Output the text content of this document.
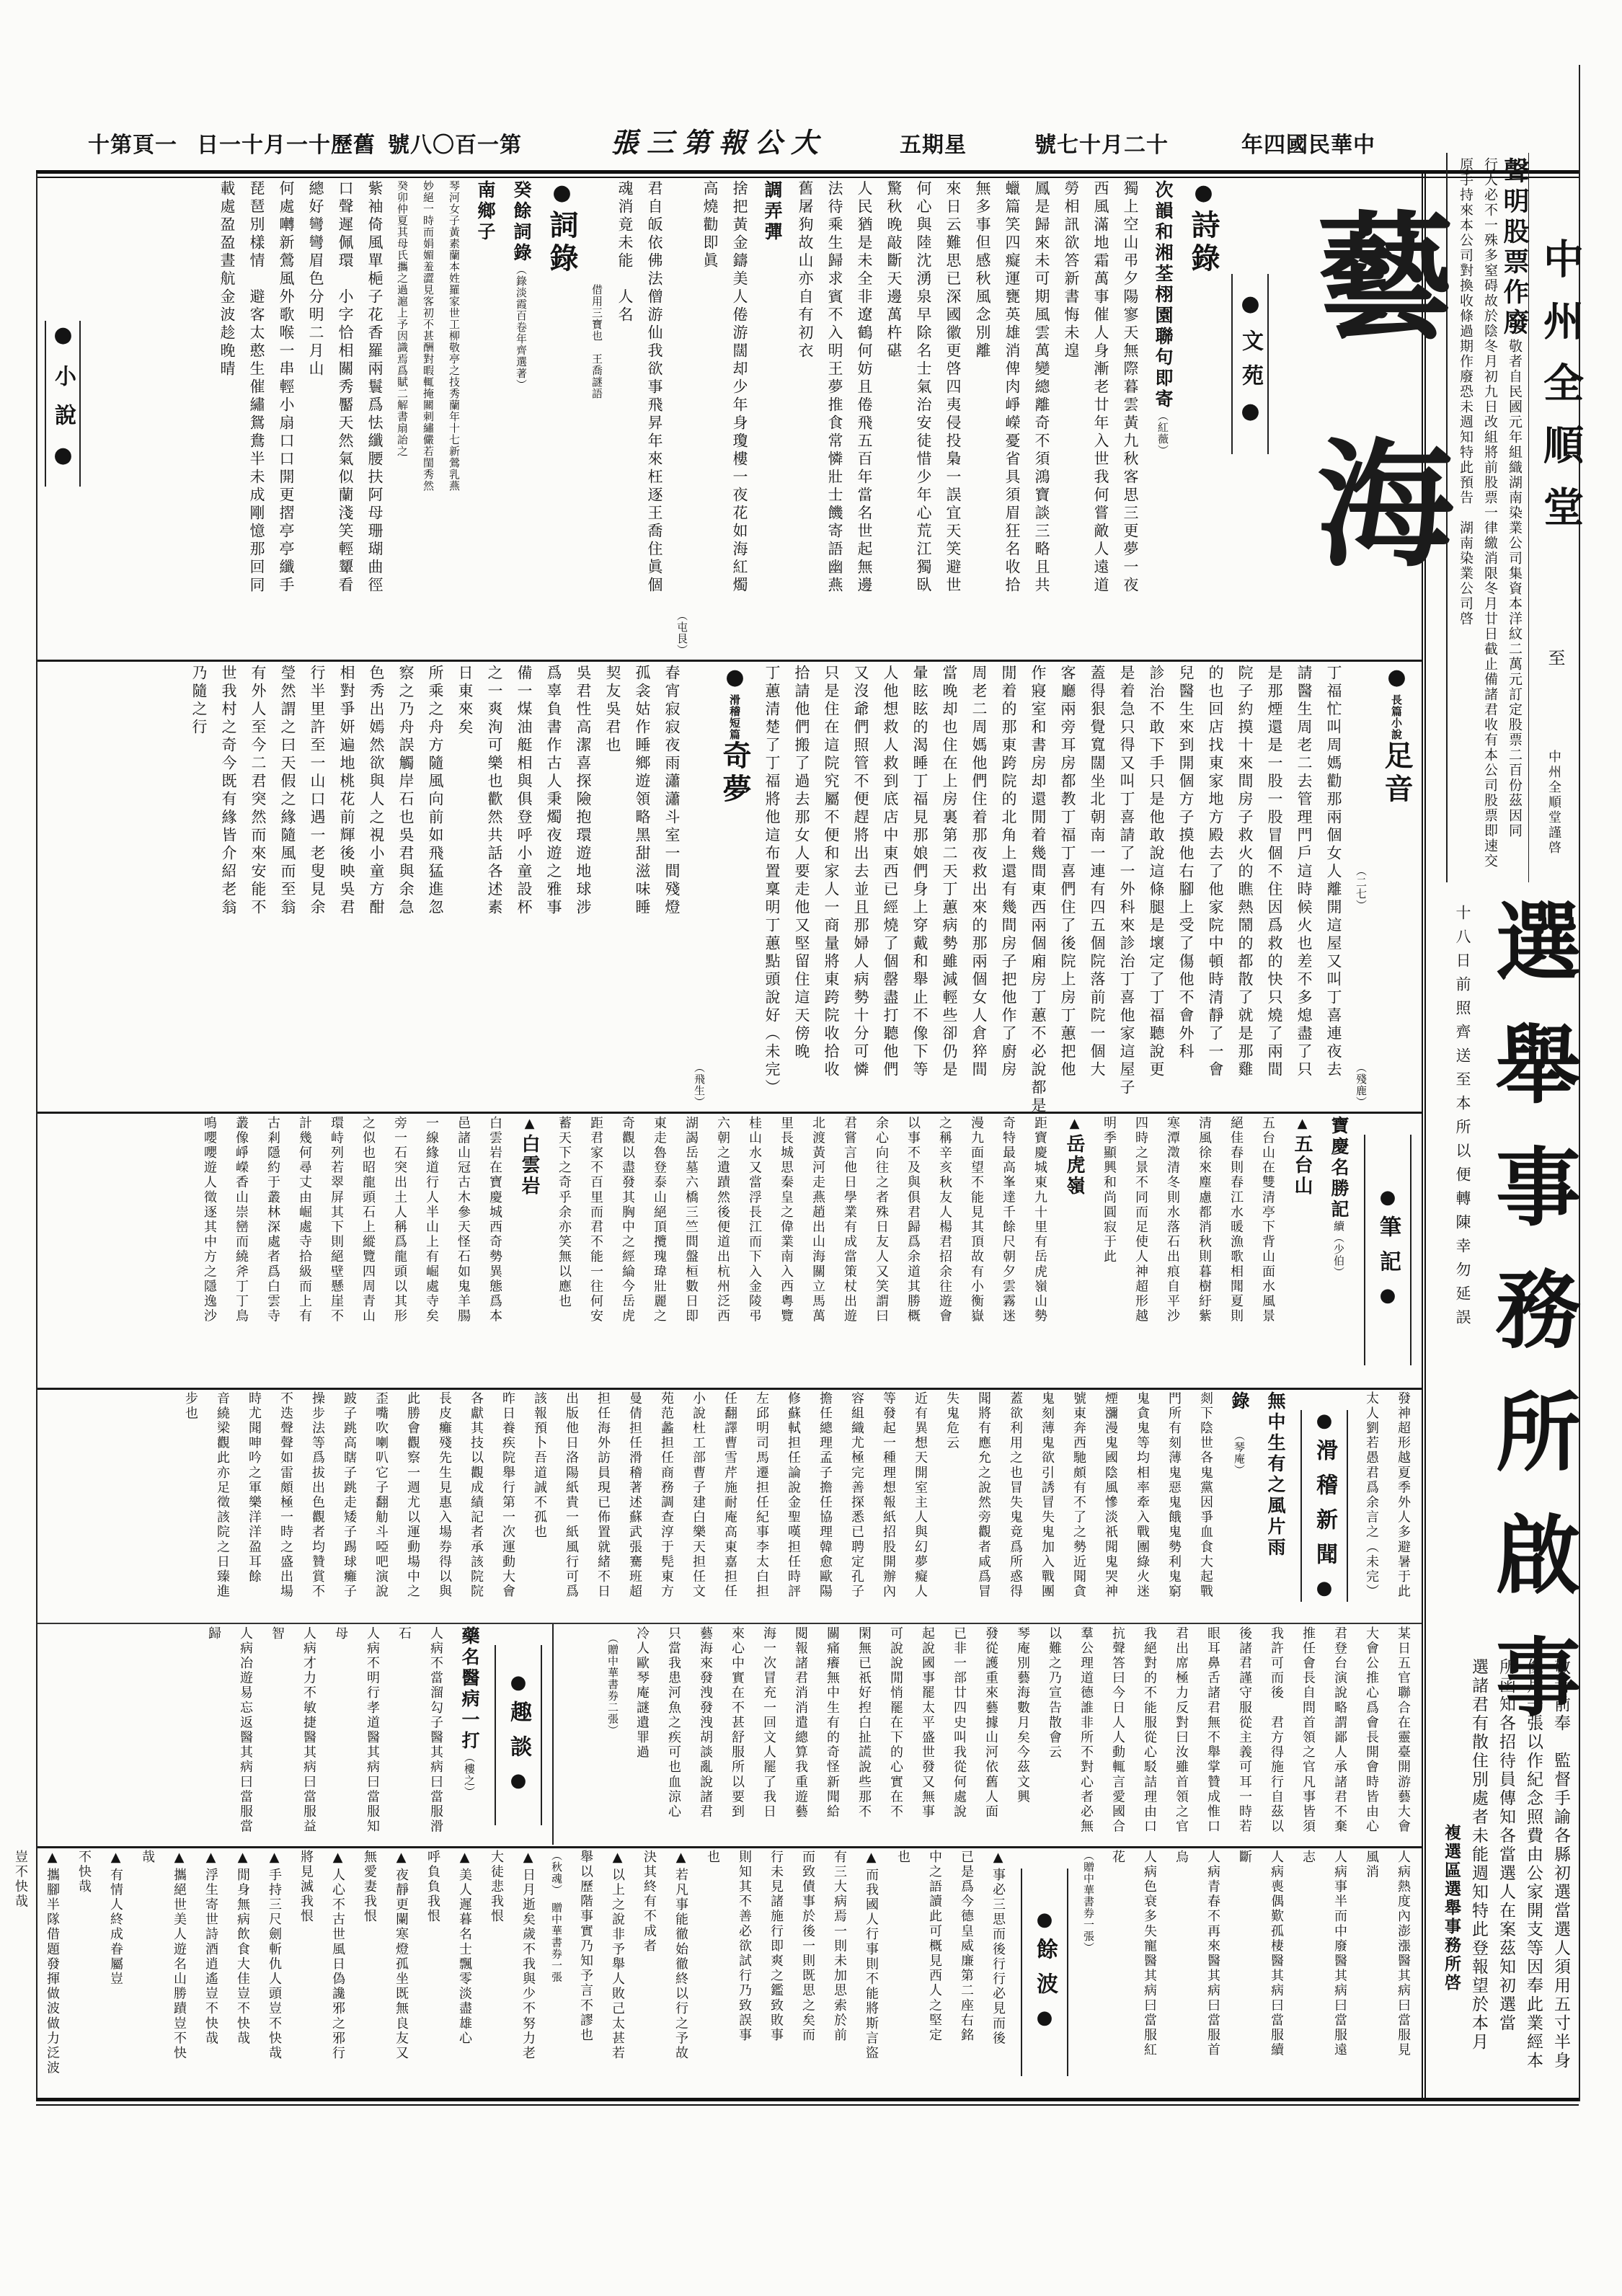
中華民國四年
十二月十七號
星期五
大公報第三張
第一百〇八號
舊歷十一月十一日
一頁第十
聲明股票作廢敬者自民國元年組織湖南染業公司集資本洋紋二萬元訂定股票二百份茲因同
行人必不一殊多窒碍故於陰冬月初九日改組將前股票一律繳消限冬月廿日截止備諸君收有本公司股票即速交
原手持來本公司對換收條過期作廢恐未週知特此預告　湖南染業公司啓 中州全順堂
至
中州全順堂謹啓
選舉事務所啟事
十八日前照齊送至本所以便轉陳幸勿延誤
敬者前奉　監督手諭各縣初選當選人須用五寸半身
像片一張以作紀念照費由公家開支等因奉此業經本
所函知各招待員傳知各當選人在案茲知初選當
選諸君有散住別處者未能週知特此登報望於本月
複選區選舉事務所啓
藝
海
●文苑●
●小說●
●詩錄
次韻和湘荃栩園聯句即寄（紅薇）
獨上空山弔夕陽寥天無際暮雲黃九秋客思三更夢一夜
西風滿地霜萬事催人身漸老廿年入世我何嘗敵人遠道
勞相訊欲答新書悔未遑
鳳是歸來未可期風雲萬變總離奇不須鴻寶談三略且共
蠟篇笑四癡運甕英雄消俾肉崢嶸憂省具須眉狂名收拾
無多事但感秋風念別離
來日云難思已深國徽更啓四夷侵投梟一誤宜天笑避世
何心與陸沈湧泉早除名士氣治安徒惜少年心荒江獨臥
驚秋晚敲斷天邊萬杵碪
人民猶是未全非遼鶴何妨且倦飛五百年當名世起無邊
法待乘生歸求賓不入明王夢推食常憐壯士饑寄語幽燕
舊屠狗故山亦自有初衣
調弄彈
捨把黃金鑄美人倦游闊却少年身瓊樓一夜花如海紅燭
高燒勸即眞
（屯艮）
君自皈依佛法僧游仙我欲事飛昇年來枉逐王喬住眞個
魂消竟未能　人名
　　　　　　　　　借用三寶也　王喬謎語
●詞錄
癸餘詞錄（錄淡霞百卷年齊選著）
南鄉子
琴河女子黃素蘭本姓羅家世工柳敬亭之技秀蘭年十七新鶯乳燕
妙絕一時而娟媚羞澀見客初不甚酬對暇輒掩關刺繡儼若閨秀然
癸卯仲夏其母氏攜之過滬上予因識焉爲賦二解書扇詒之
紫袖倚風單梔子花香羅兩鬟爲怯纖腰扶阿母珊瑚曲徑
口聲遲佩環　小字恰相關秀靨天然氣似蘭淺笑輕顰看
總好彎彎眉色分明二月山
何處囀新鶯風外歌喉一串輕小扇口口開更摺亭亭纖手
琵琶別樣情　避客太憨生催繡鴛鴦半未成剛憶那回同
載處盈盈晝航金波趁晚晴
●長篇小說足音
（二七）　　　　　　　　　　　　　　（殘鹿）
丁福忙叫周媽勸那兩個女人離開這屋又叫丁喜連夜去
請醫生周老二去管理門戶這時候火也差不多熄盡了只
是那煙還是一股一股冒個不住因爲救的快只燒了兩間
院子約摸十來間房子救火的瞧熱鬧的都散了就是那雞
的也回店找東家地方殿去了他家院中頓時清靜了一會
兒醫生來到開個方子摸他右腳上受了傷他不會外科
診治不敢下手只是他敢說這條腿是壞定了丁福聽說更
是着急只得又叫丁喜請了一外科來診治丁喜他家這屋子
蓋得狠覺寬闊坐北朝南一連有四五個院落前院一個大
客廳兩旁耳房都教丁福丁喜們住了後院上房丁蕙把他
作寢室和書房却還閒着幾間東西兩個廂房丁蕙不必說都是
閒着的那東跨院的北角上還有幾間房子把他作了廚房
周老二周媽他們住着那夜救出來的那兩個女人倉猝間
當晚却也住在上房裏第二天丁蕙病勢雖減輕些卻仍是
暈眩眩的渴睡丁福見那娘們身上穿戴和舉止不像下等
人他想救人救到底店中東西已經燒了個罄盡打聽他們
又沒爺們照管不便趕將出去並且那婦人病勢十分可憐
只是住在這院究屬不便和家人一商量將東跨院收拾收
拾請他們搬了過去那女人要走他又堅留住這天傍晚
丁蕙清楚了丁福將他這布置稟明丁蕙點頭說好（未完）
●滑稽短篇奇夢
（飛生）
春宵寂寂夜雨瀟瀟斗室一間殘燈
孤衾姑作睡鄉遊領略黑甜滋味睡
契友吳君也
吳君性高潔喜探險抱環遊地球涉
爲辜負書作古人秉燭夜遊之雅事
備一煤油艇相與俱登呼小童設杯
之一爽洵可樂也歡然共話各述素
日東來矣
所乘之舟方隨風向前如飛猛進忽
察之乃舟誤觸岸石也吳君與余急
色秀出嫣然欲與人之視小童方酣
相對爭妍遍地桃花前輝後映吳君
行半里許至一山口遇一老叟見余
瑩然謂之曰天假之緣隨風而至翁
有外人至今二君突然而來安能不
世我村之奇今既有緣皆介紹老翁
乃隨之行
●筆記●
寶慶名勝記續（少伯）
▲五台山
五台山在雙清亭下背山面水風景
絕佳春則春江水暖漁歌相聞夏則
清風徐來塵慮都消秋則暮樹紆紫
寒潭澂清冬則水落石出痕自平沙
四時之景不同而足使人神超形越
明季顯興和尚圓寂于此
▲岳虎嶺
距寶慶城東九十里有岳虎嶺山勢
奇特最高峯達千餘尺朝夕雲霧迷
漫九面望不能見其頂故有小衡嶽
之稱辛亥秋友人楊君招余往遊會
以事不及與俱君歸爲余道其勝概
余心向往之者殊日友人又笑謂曰
君嘗言他日學業有成當策杖出遊
北渡黃河走燕趙出山海關立馬萬
里長城思秦皇之偉業南入西粵覽
桂山水又當浮長江而下入金陵弔
六朝之遺蹟然後便道出杭州泛西
湖謁岳墓六橋三竺間盤桓數日即
東走魯登泰山絕頂攬瑰瑋壯麗之
奇觀以盡發其胸中之經綸今岳虎
距君家不百里而君不能一往何安
蓄天下之奇乎余亦笑無以應也
▲白雲岩
白雲岩在寶慶城西奇勢異態爲本
邑諸山冠古木參天怪石如鬼羊腸
一線緣道行人半山上有崛處寺矣
旁一石突出土人稱爲龍頭以其形
之似也昭龍頭石上縱覽四周青山
環峙列若翠屏其下則絕壁懸崖不
計幾何尋丈由崛處寺拾級而上有
古剎隱約于叢林深處者爲白雲寺
叢像崢嶸香山崇巒而繞斧丁丁鳥
鳴嚶嚶遊人徵逐其中方之隱逸沙
發神超形越夏季外人多避暑于此
太人劉若愚君爲余言之（未完）
●滑稽新聞●
無中生有之風片雨
錄　　（琴庵）
剡下陰世各鬼黨因爭血食大起戰
門所有刻薄鬼惡鬼餓鬼勢利鬼窮
鬼貪鬼等均相率牽入戰團綠火迷
煙瀰漫鬼國陰風慘淡祇聞鬼哭神
號東奔西馳頗有不了之勢近聞貪
鬼刻薄鬼欲引誘冒失鬼加入戰團
蓋欲利用之也冒失鬼竟爲所惑得
聞將有應允之說然旁觀者咸爲冒
失鬼危云
近有異想天開室主人與幻夢癡人
等發起一種理想報紙招股開辦內
容組織尤極完善探悉已聘定孔子
擔任總理孟子擔任協理韓愈歐陽
修蘇軾担任論說金聖嘆担任時評
左邱明司馬遷担任紀事李太白担
任翻譯曹雪芹施耐庵高東嘉担任
小說杜工部曹子建白樂天担任文
苑范蠡担任商務調查淳于髡東方
曼倩担任滑稽著述蘇武張騫班超
担任海外訪員現已佈置就緒不日
出版他日洛陽紙貴一紙風行可爲
該報預卜吾道誠不孤也
昨日養疾院舉行第一次運動大會
各獻其技以觀成績記者承該院院
長皮癱殘先生見惠入場券得以與
此勝會觀察一週尤以運動場中之
歪嘴吹喇叭它子翻觔斗啞吧演說
跛子跳高瞎子跳走矮子踢球癱子
操步法等爲拔出色觀者均贊賞不
不迭聲聲如雷頗極一時之盛出場
時尤聞呻吟之軍樂洋洋盈耳餘
音繞梁觀此亦足徵該院之日臻進
步也
某日五官聯合在靈臺開游藝大會
大會公推心爲會長開會時皆由心
君登台演說略謂鄙人承諸君不棄
推任會長自問首領之官凡事皆須
我許可而後　君方得施行自茲以
後諸君謹守服從主義可耳一時若
眼耳鼻舌諸君無不舉掌贊成惟口
君出席極力反對曰汝雖首領之官
我絕對的不能服從心駁詰理由口
抗聲答曰今日人人動輒言愛國合
羣公理道德誰非所不對心者必無
以難之乃宣告散會云
琴庵別藝海數月矣今茲文興
發從護重來藝據山河依舊人面
已非一部廿四史叫我從何處說
起說國事罷太平盛世發又無事
可說說閒悄罷在下的心實在不
閑無已祇好揑白扯謊說些那不
關痛癢無中生有的奇怪新聞給
閱報諸君消消遣總算我重遊藝
海一次冒充一回文人罷了我日
來心中實在不甚舒服所以要到
藝海來發洩發洩胡談亂說諸君
只當我患河魚之疾可也血涼心
冷人歐琴庵謎遺罪過
　（贈中華書券二張）
●趣談●
藥名醫病一打（樓之）
人病不當溜勾子醫其病曰當服滑
石
人病不明行孝道醫其病曰當服知
母
人病才力不敏捷醫其病曰當服益
智
人病冶遊易忘返醫其病曰當服當
歸
人病熱度內澎漲醫其病曰當服見
風消
人病事半而中廢醫其病曰當服遠
志
人病喪偶歎孤棲醫其病曰當服續
斷
人病青春不再來醫其病曰當服首
烏
人病色衰多失寵醫其病曰當服紅
花
（贈中華書券一張）
●餘波●
▲事必三思而後行行必見而後
已是爲今德皇威廉第二座右銘
中之語讀此可概見西人之堅定
也
▲而我國人行事則不能將斯言盜
有三大病焉一則未加思索於前
而致債事於後一則既思之矣而
行未見諸施行即爽之鑑致敗事
則知其不善必欲試行乃致誤事
也
▲若凡事能徹始徹終以行之予故
決其終有不成者
▲以上之說非予舉人敗己太甚若
舉以歷階事實乃知予言不謬也
（秋魂）　贈中華書券一張
▲日月逝矣歲不我與少不努力老
大徒悲我恨
▲美人遲暮名士飄零淡盡雄心
呼負負我恨
▲夜靜更闌寒燈孤坐既無良友又
無愛妻我恨
▲人心不古世風日偽讒邪之邪行
將見滅我恨
▲手持三尺劍斬仇人頭豈不快哉
▲閒身無病飲食大佳豈不快哉
▲浮生寄世詩酒逍遙豈不快哉
▲攜絕世美人遊名山勝蹟豈不快
哉
▲有情人終成眷屬豈
不快哉
▲攜腳半隊借題發揮做波做力泛波
豈不快哉
